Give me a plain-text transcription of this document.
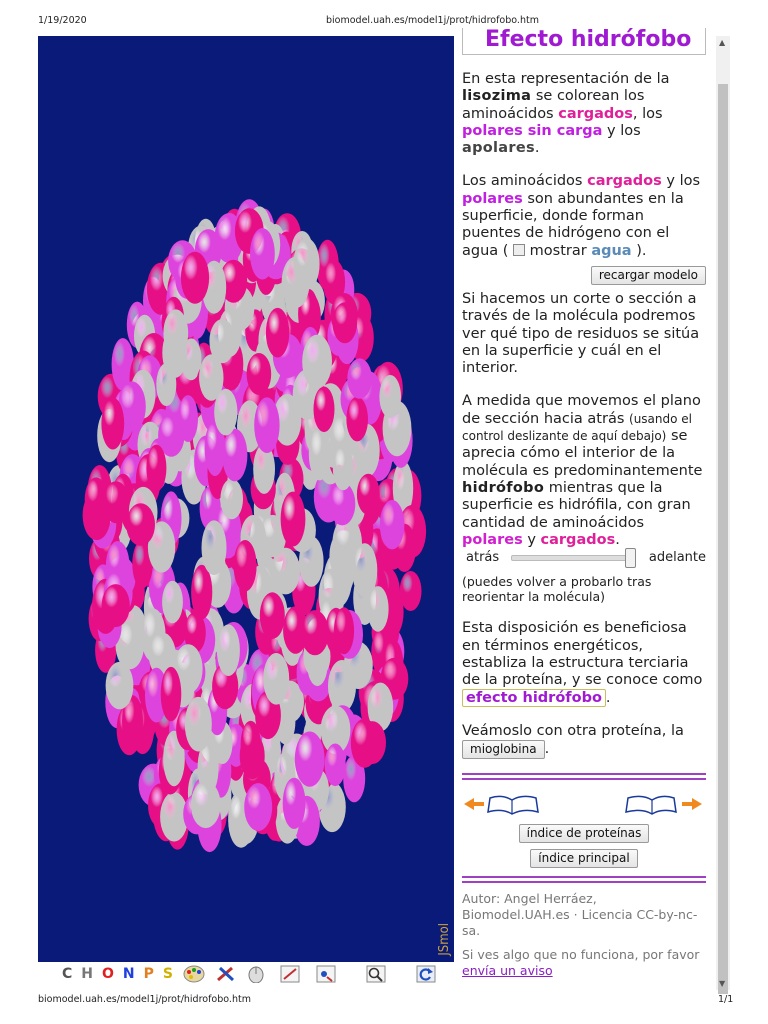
1/19/2020	biomodel.uah.es/model1j/prot/hidrofobo.htm
JSmol
Efecto hidrófobo

En esta representación de la lisozima se colorean los aminoácidos cargados, los polares sin carga y los apolares.

Los aminoácidos cargados y los polares son abundantes en la superficie, donde forman puentes de hidrógeno con el agua (  mostrar agua ).

recargar modelo

Si hacemos un corte o sección a través de la molécula podremos ver qué tipo de residuos se sitúa en la superficie y cuál en el interior.

A medida que movemos el plano de sección hacia atrás (usando el control deslizante de aquí debajo) se aprecia cómo el interior de la molécula es predominantemente hidrófobo mientras que la superficie es hidrófila, con gran cantidad de aminoácidos polares y cargados.

atrás	adelante

(puedes volver a probarlo tras reorientar la molécula)

Esta disposición es beneficiosa en términos energéticos, establiza la estructura terciaria de la proteína, y se conoce como efecto hidrófobo .

Veámoslo con otra proteína, la mioglobina .

índice de proteínas
índice principal
Autor: Angel Herráez, Biomodel.UAH.es · Licencia CC-by-nc-sa.
Si ves algo que no funciona, por favor envía un aviso
▲
▼
C H O N P S
biomodel.uah.es/model1j/prot/hidrofobo.htm	1/1
